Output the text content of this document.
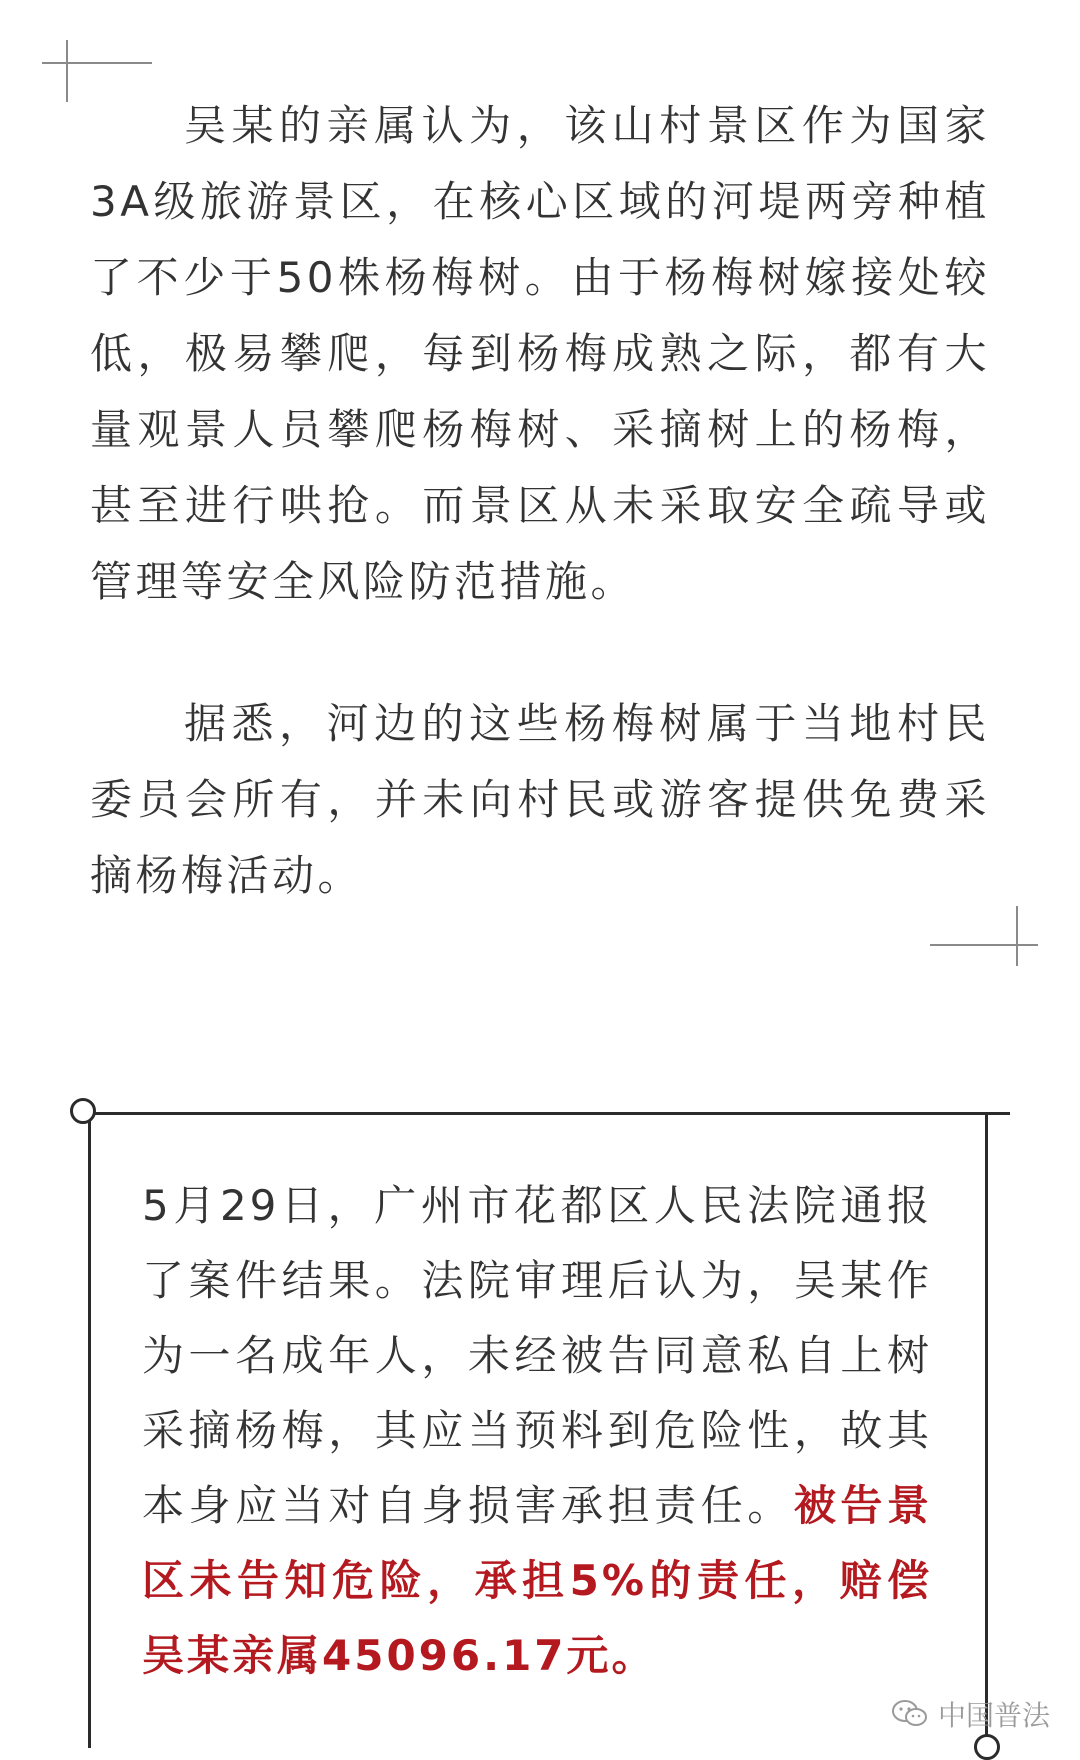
吴某的亲属认为，该山村景区作为国家3A级旅游景区，在核心区域的河堤两旁种植了不少于50株杨梅树。由于杨梅树嫁接处较低，极易攀爬，每到杨梅成熟之际，都有大量观景人员攀爬杨梅树、采摘树上的杨梅，甚至进行哄抢。而景区从未采取安全疏导或管理等安全风险防范措施。

据悉，河边的这些杨梅树属于当地村民委员会所有，并未向村民或游客提供免费采摘杨梅活动。

5月29日，广州市花都区人民法院通报了案件结果。法院审理后认为，吴某作为一名成年人，未经被告同意私自上树采摘杨梅，其应当预料到危险性，故其本身应当对自身损害承担责任。被告景区未告知危险，承担5%的责任，赔偿吴某亲属45096.17元。

中国普法
